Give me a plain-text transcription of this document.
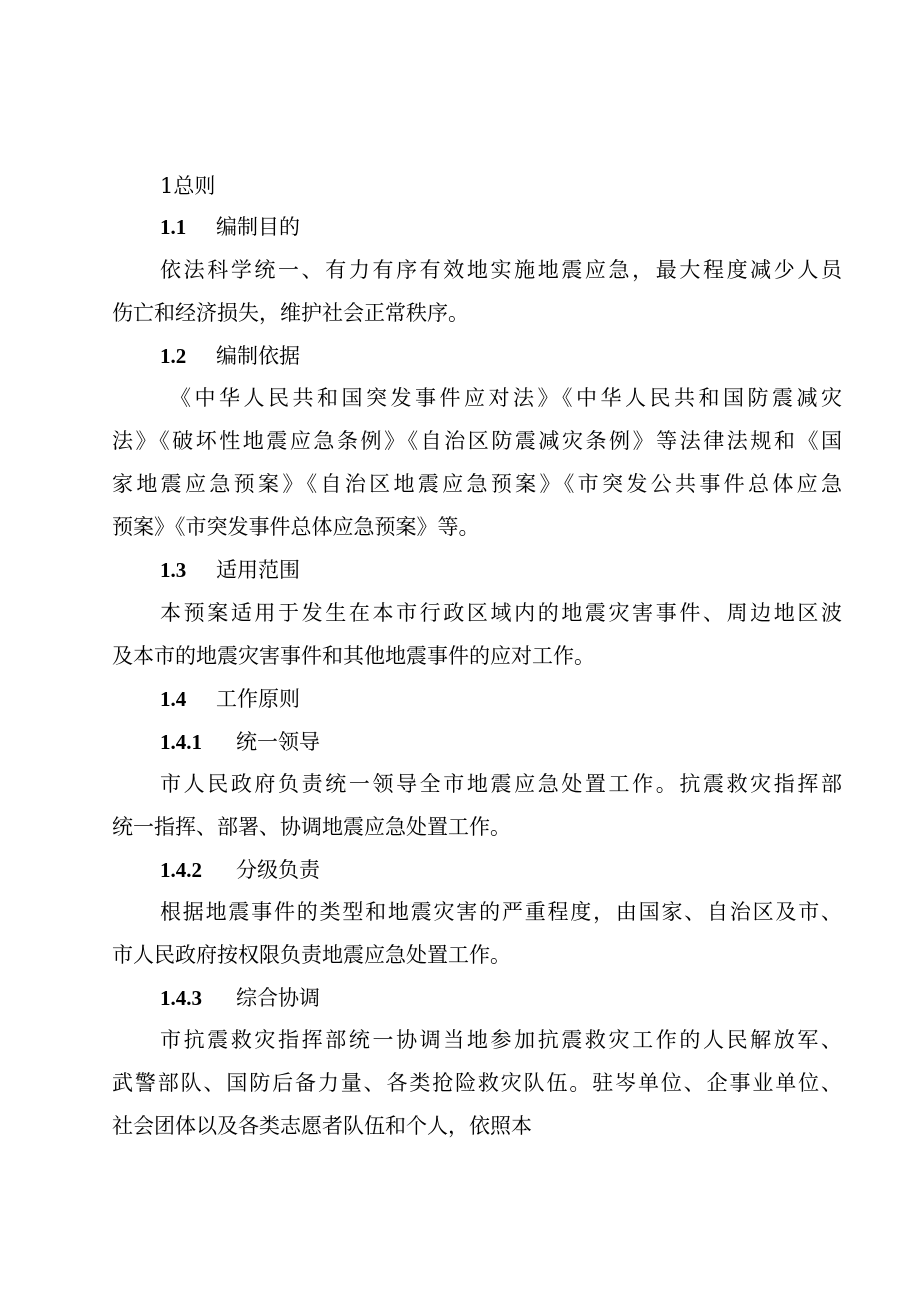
1总则
1.1 编制目的
依法科学统一、有力有序有效地实施地震应急，最大程度减少人员
伤亡和经济损失，维护社会正常秩序。
1.2 编制依据
《中华人民共和国突发事件应对法》《中华人民共和国防震减灾
法》《破坏性地震应急条例》《自治区防震减灾条例》等法律法规和《国
家地震应急预案》《自治区地震应急预案》《市突发公共事件总体应急
预案》《市突发事件总体应急预案》等。
1.3 适用范围
本预案适用于发生在本市行政区域内的地震灾害事件、周边地区波
及本市的地震灾害事件和其他地震事件的应对工作。
1.4 工作原则
1.4.1 统一领导
市人民政府负责统一领导全市地震应急处置工作。抗震救灾指挥部
统一指挥、部署、协调地震应急处置工作。
1.4.2 分级负责
根据地震事件的类型和地震灾害的严重程度，由国家、自治区及市、
市人民政府按权限负责地震应急处置工作。
1.4.3 综合协调
市抗震救灾指挥部统一协调当地参加抗震救灾工作的人民解放军、
武警部队、国防后备力量、各类抢险救灾队伍。驻岑单位、企事业单位、
社会团体以及各类志愿者队伍和个人，依照本
